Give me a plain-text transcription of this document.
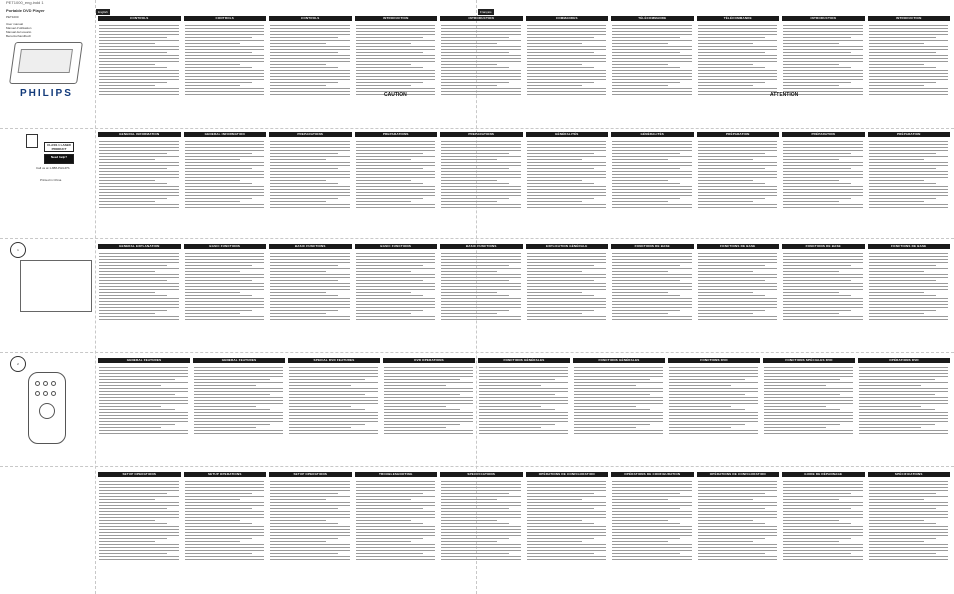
PET1000_eng.indd 1
Portable DVD Player
PET1000
User manual
Manuel d'utilisation
Manual del usuario
Benutzerhandbuch
PHILIPS
CLASS 1 LASER PRODUCT
Need help?
Call us at 1-888-PHILIPS
Printed in China
1
2
CONTROLS	CONTROLS	CONTROLS	INTRODUCTION	INTRODUCTION	COMMANDES	TÉLÉCOMMANDE	TÉLÉCOMMANDE	INTRODUCTION	INTRODUCTION
GENERAL INFORMATION	GENERAL INFORMATION	PREPARATIONS	PREPARATIONS	PREPARATIONS	GÉNÉRALITÉS	GÉNÉRALITÉS	PRÉPARATION	PRÉPARATION	PRÉPARATION
GENERAL EXPLANATION	BASIC FUNCTIONS	BASIC FUNCTIONS	BASIC FUNCTIONS	BASIC FUNCTIONS	EXPLICATION GÉNÉRALE	FONCTIONS DE BASE	FONCTIONS DE BASE	FONCTIONS DE BASE	FONCTIONS DE BASE
GENERAL FEATURES	GENERAL FEATURES	SPECIAL DVD FEATURES	DVD OPERATIONS	FONCTIONS GÉNÉRALES	FONCTIONS GÉNÉRALES	FONCTIONS DVD	FONCTIONS SPÉCIALES DVD	OPÉRATIONS DVD
SETUP OPERATIONS	SETUP OPERATIONS	SETUP OPERATIONS	TROUBLESHOOTING	SPECIFICATIONS	OPÉRATIONS DE CONFIGURATION	OPÉRATIONS DE CONFIGURATION	OPÉRATIONS DE CONFIGURATION	GUIDE DE DÉPANNAGE	SPÉCIFICATIONS
English	Français
CAUTION	ATTENTION
